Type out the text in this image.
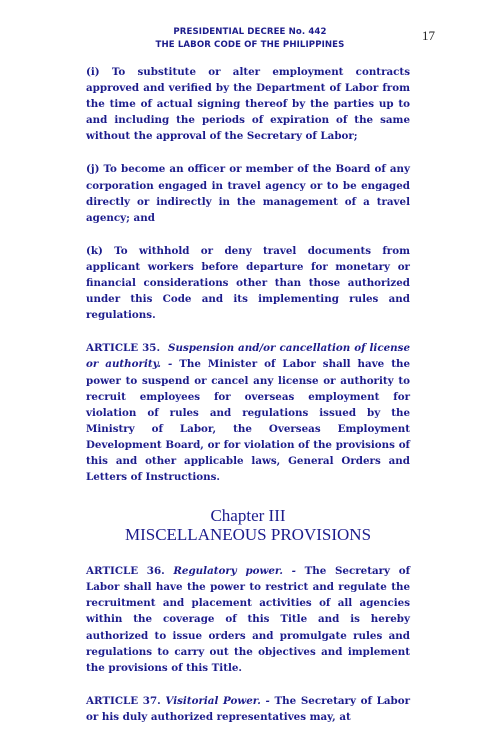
PRESIDENTIAL DECREE No. 442
THE LABOR CODE OF THE PHILIPPINES
17

(i) To substitute or alter employment contracts approved and verified by the Department of Labor from the time of actual signing thereof by the parties up to and including the periods of expiration of the same without the approval of the Secretary of Labor;

(j) To become an officer or member of the Board of any corporation engaged in travel agency or to be engaged directly or indirectly in the management of a travel agency; and

(k) To withhold or deny travel documents from applicant workers before departure for monetary or financial considerations other than those authorized under this Code and its implementing rules and regulations.

ARTICLE 35. Suspension and/or cancellation of license or authority. - The Minister of Labor shall have the power to suspend or cancel any license or authority to recruit employees for overseas employment for violation of rules and regulations issued by the Ministry of Labor, the Overseas Employment Development Board, or for violation of the provisions of this and other applicable laws, General Orders and Letters of Instructions.

Chapter III
MISCELLANEOUS PROVISIONS

ARTICLE 36. Regulatory power. - The Secretary of Labor shall have the power to restrict and regulate the recruitment and placement activities of all agencies within the coverage of this Title and is hereby authorized to issue orders and promulgate rules and regulations to carry out the objectives and implement the provisions of this Title.

ARTICLE 37. Visitorial Power. - The Secretary of Labor or his duly authorized representatives may, at
